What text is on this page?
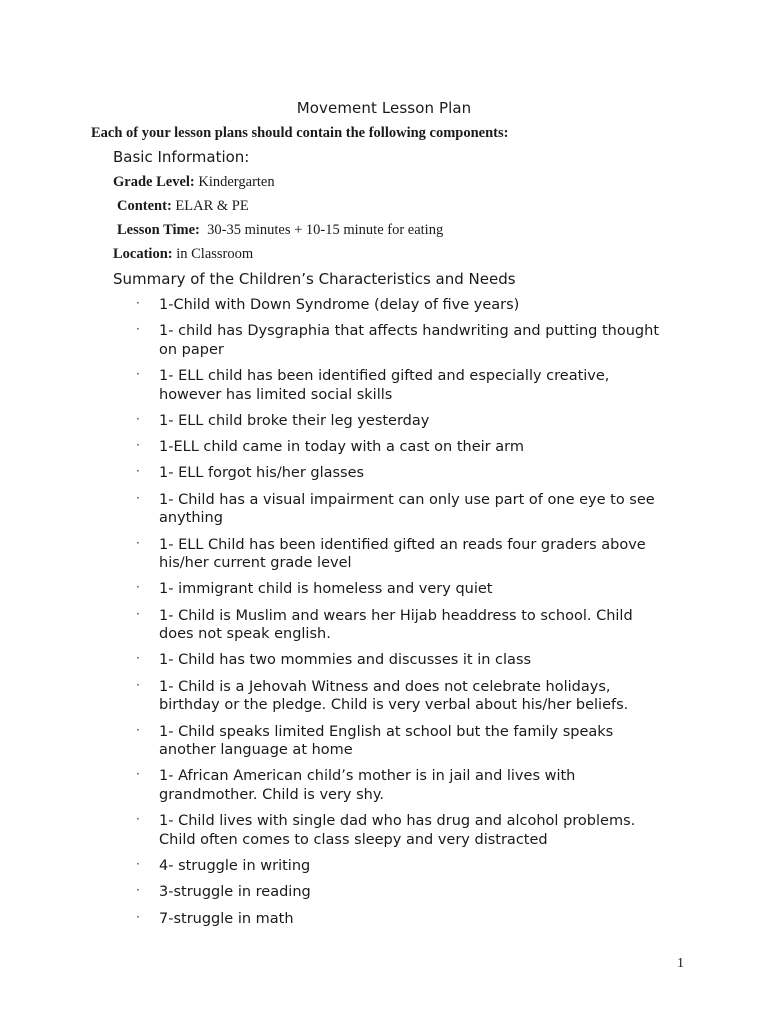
Movement Lesson Plan
Each of your lesson plans should contain the following components:
Basic Information:
Grade Level: Kindergarten
Content: ELAR & PE
Lesson Time:  30-35 minutes + 10-15 minute for eating
Location: in Classroom
Summary of the Children’s Characteristics and Needs
· 1-Child with Down Syndrome (delay of five years)
· 1- child has Dysgraphia that affects handwriting and putting thought
on paper
· 1- ELL child has been identified gifted and especially creative,
however has limited social skills
· 1- ELL child broke their leg yesterday
· 1-ELL child came in today with a cast on their arm
· 1- ELL forgot his/her glasses
· 1- Child has a visual impairment can only use part of one eye to see
anything
· 1- ELL Child has been identified gifted an reads four graders above
his/her current grade level
· 1- immigrant child is homeless and very quiet
· 1- Child is Muslim and wears her Hijab headdress to school. Child
does not speak english.
· 1- Child has two mommies and discusses it in class
· 1- Child is a Jehovah Witness and does not celebrate holidays,
birthday or the pledge. Child is very verbal about his/her beliefs.
· 1- Child speaks limited English at school but the family speaks
another language at home
· 1- African American child’s mother is in jail and lives with
grandmother. Child is very shy.
· 1- Child lives with single dad who has drug and alcohol problems.
Child often comes to class sleepy and very distracted
· 4- struggle in writing
· 3-struggle in reading
· 7-struggle in math
1
